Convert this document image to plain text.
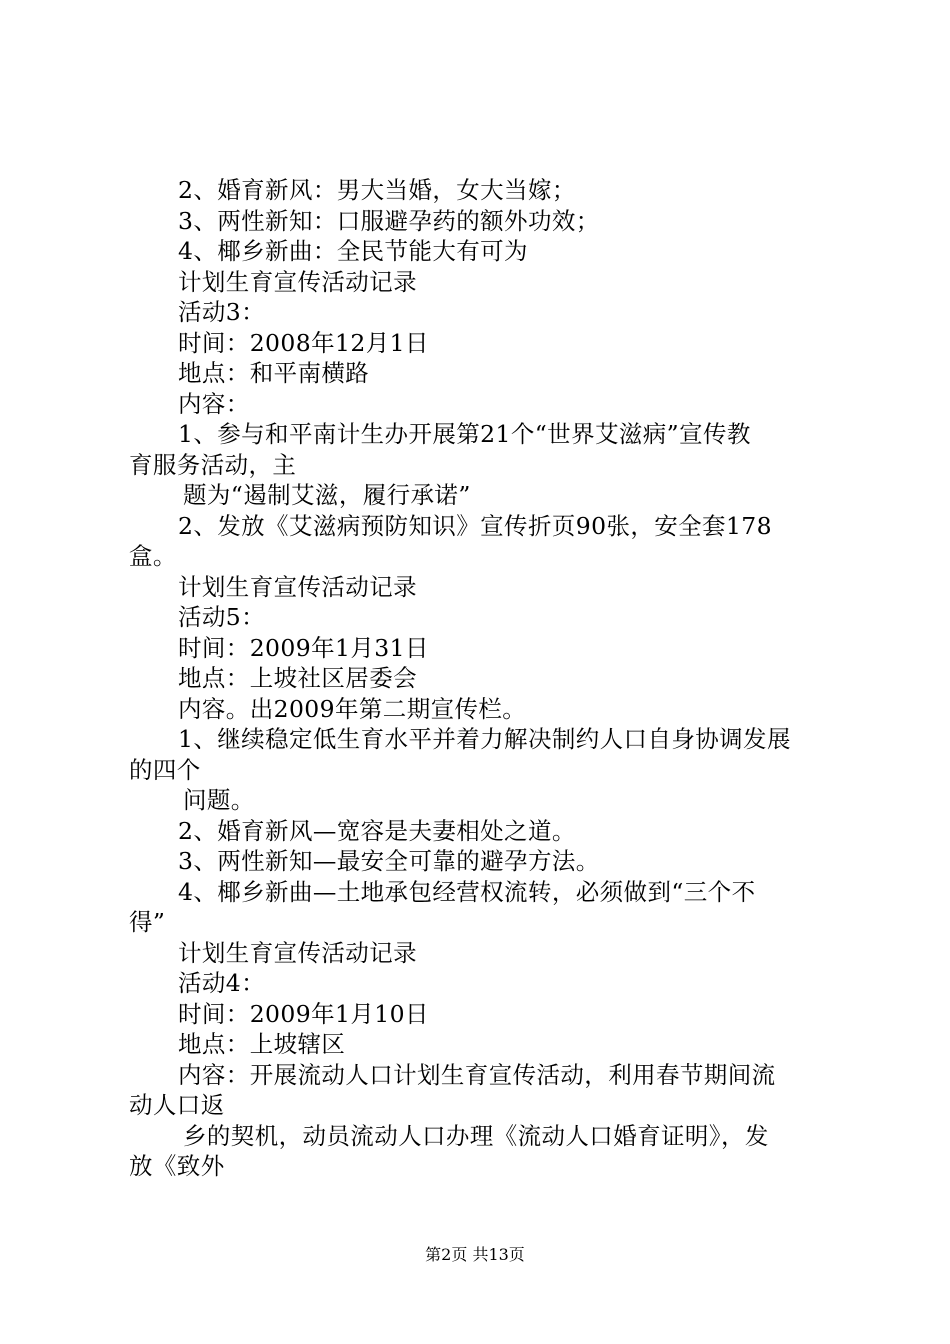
2、婚育新风：男大当婚，女大当嫁；
3、两性新知：口服避孕药的额外功效；
4、椰乡新曲：全民节能大有可为
计划生育宣传活动记录
活动3：
时间：2008年12月1日
地点：和平南横路
内容：
1、参与和平南计生办开展第21个“世界艾滋病”宣传教
育服务活动，主
题为“遏制艾滋，履行承诺”
2、发放《艾滋病预防知识》宣传折页90张，安全套178
盒。
计划生育宣传活动记录
活动5：
时间：2009年1月31日
地点：上坡社区居委会
内容。出2009年第二期宣传栏。
1、继续稳定低生育水平并着力解决制约人口自身协调发展
的四个
问题。
2、婚育新风—宽容是夫妻相处之道。
3、两性新知—最安全可靠的避孕方法。
4、椰乡新曲—土地承包经营权流转，必须做到“三个不
得”
计划生育宣传活动记录
活动4：
时间：2009年1月10日
地点：上坡辖区
内容：开展流动人口计划生育宣传活动，利用春节期间流
动人口返
乡的契机，动员流动人口办理《流动人口婚育证明》，发
放《致外
第2页 共13页
